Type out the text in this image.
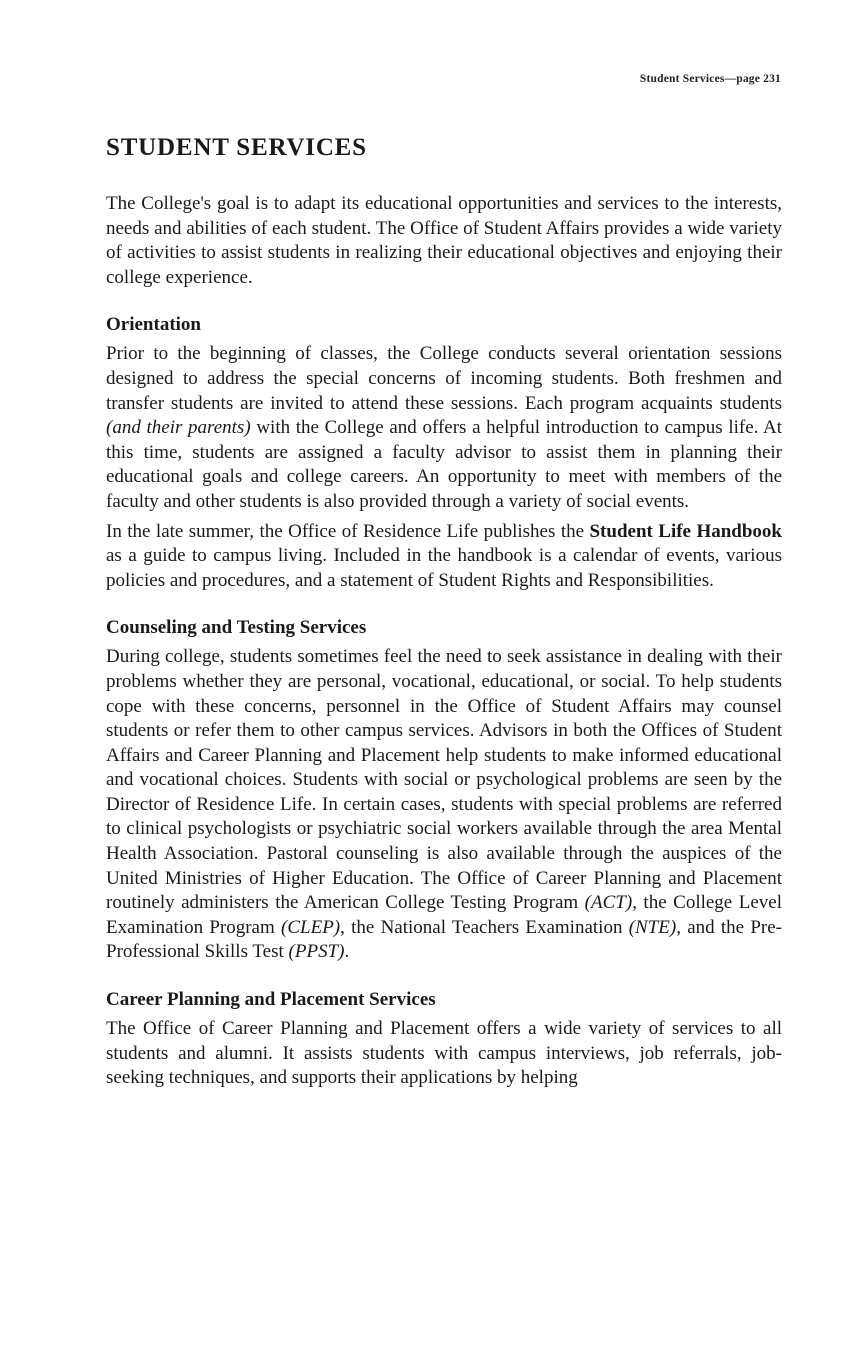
Student Services—page 231
STUDENT SERVICES

The College's goal is to adapt its educational opportunities and services to the interests, needs and abilities of each student. The Office of Student Affairs provides a wide variety of activities to assist students in realizing their educational objectives and enjoying their college experience.

Orientation

Prior to the beginning of classes, the College conducts several orientation sessions designed to address the special concerns of incoming students. Both freshmen and transfer students are invited to attend these sessions. Each program acquaints students (and their parents) with the College and offers a helpful introduction to campus life. At this time, students are assigned a faculty advisor to assist them in planning their educational goals and college careers. An opportunity to meet with members of the faculty and other students is also provided through a variety of social events.

In the late summer, the Office of Residence Life publishes the Student Life Handbook as a guide to campus living. Included in the handbook is a calendar of events, various policies and procedures, and a statement of Student Rights and Responsibilities.

Counseling and Testing Services

During college, students sometimes feel the need to seek assistance in dealing with their problems whether they are personal, vocational, educational, or social. To help students cope with these concerns, personnel in the Office of Student Affairs may counsel students or refer them to other campus services. Advisors in both the Offices of Student Affairs and Career Planning and Placement help students to make informed educational and vocational choices. Students with social or psychological problems are seen by the Director of Residence Life. In certain cases, students with special problems are referred to clinical psychologists or psychiatric social workers available through the area Mental Health Association. Pastoral counseling is also available through the auspices of the United Ministries of Higher Education. The Office of Career Planning and Placement routinely administers the American College Testing Program (ACT), the College Level Examination Program (CLEP), the National Teachers Examination (NTE), and the Pre-Professional Skills Test (PPST).

Career Planning and Placement Services

The Office of Career Planning and Placement offers a wide variety of services to all students and alumni. It assists students with campus interviews, job referrals, job-seeking techniques, and supports their applications by helping
